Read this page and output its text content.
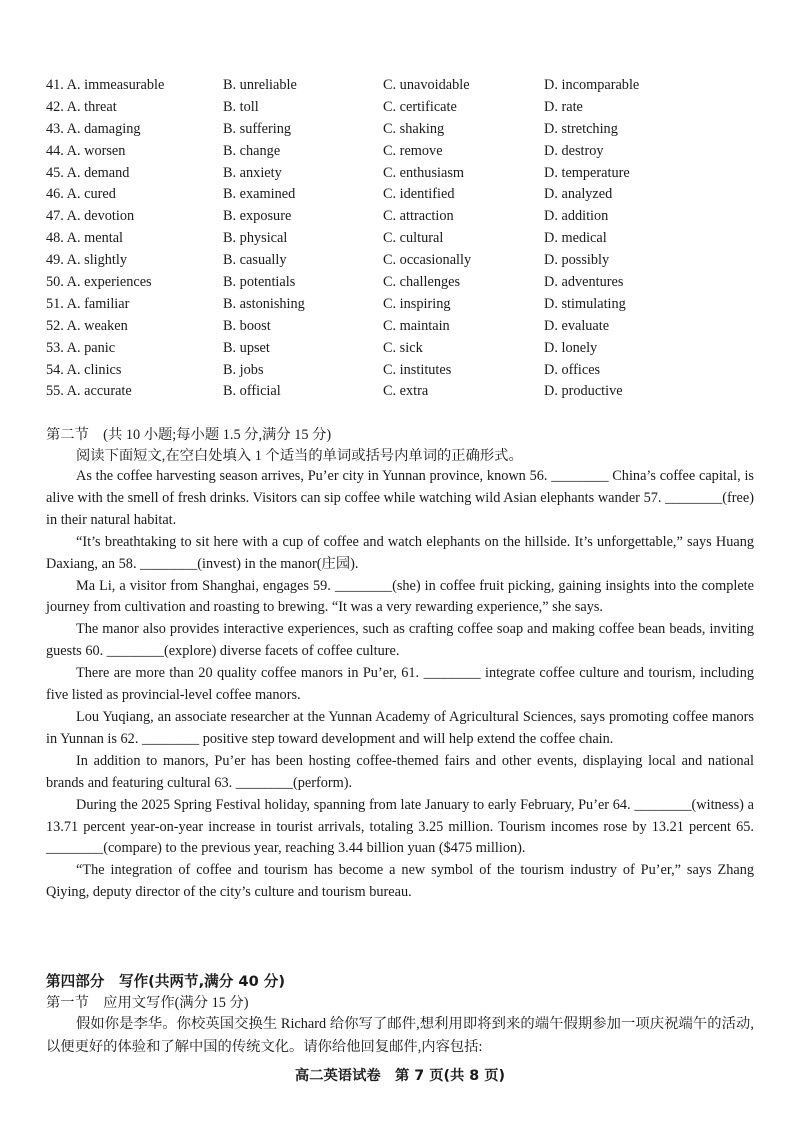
41. A. immeasurable	B. unreliable	C. unavoidable	D. incomparable
42. A. threat	B. toll	C. certificate	D. rate
43. A. damaging	B. suffering	C. shaking	D. stretching
44. A. worsen	B. change	C. remove	D. destroy
45. A. demand	B. anxiety	C. enthusiasm	D. temperature
46. A. cured	B. examined	C. identified	D. analyzed
47. A. devotion	B. exposure	C. attraction	D. addition
48. A. mental	B. physical	C. cultural	D. medical
49. A. slightly	B. casually	C. occasionally	D. possibly
50. A. experiences	B. potentials	C. challenges	D. adventures
51. A. familiar	B. astonishing	C. inspiring	D. stimulating
52. A. weaken	B. boost	C. maintain	D. evaluate
53. A. panic	B. upset	C. sick	D. lonely
54. A. clinics	B. jobs	C. institutes	D. offices
55. A. accurate	B. official	C. extra	D. productive
第二节　(共 10 小题;每小题 1.5 分,满分 15 分)
阅读下面短文,在空白处填入 1 个适当的单词或括号内单词的正确形式。

As the coffee harvesting season arrives, Pu’er city in Yunnan province, known 56. ________ China’s coffee capital, is alive with the smell of fresh drinks. Visitors can sip coffee while watching wild Asian elephants wander 57. ________(free) in their natural habitat.

“It’s breathtaking to sit here with a cup of coffee and watch elephants on the hillside. It’s unforgettable,” says Huang Daxiang, an 58. ________(invest) in the manor(庄园).

Ma Li, a visitor from Shanghai, engages 59. ________(she) in coffee fruit picking, gaining insights into the complete journey from cultivation and roasting to brewing. “It was a very rewarding experience,” she says.

The manor also provides interactive experiences, such as crafting coffee soap and making coffee bean beads, inviting guests 60. ________(explore) diverse facets of coffee culture.

There are more than 20 quality coffee manors in Pu’er, 61. ________ integrate coffee culture and tourism, including five listed as provincial-level coffee manors.

Lou Yuqiang, an associate researcher at the Yunnan Academy of Agricultural Sciences, says promoting coffee manors in Yunnan is 62. ________ positive step toward development and will help extend the coffee chain.

In addition to manors, Pu’er has been hosting coffee-themed fairs and other events, displaying local and national brands and featuring cultural 63. ________(perform).

During the 2025 Spring Festival holiday, spanning from late January to early February, Pu’er 64. ________(witness) a 13.71 percent year-on-year increase in tourist arrivals, totaling 3.25 million. Tourism incomes rose by 13.21 percent 65. ________(compare) to the previous year, reaching 3.44 billion yuan ($475 million).

“The integration of coffee and tourism has become a new symbol of the tourism industry of Pu’er,” says Zhang Qiying, deputy director of the city’s culture and tourism bureau.

第四部分　写作(共两节,满分 40 分)
第一节　应用文写作(满分 15 分)
假如你是李华。你校英国交换生 Richard 给你写了邮件,想利用即将到来的端午假期参加一项庆祝端午的活动,以便更好的体验和了解中国的传统文化。请你给他回复邮件,内容包括:
高二英语试卷　第 7 页(共 8 页)
